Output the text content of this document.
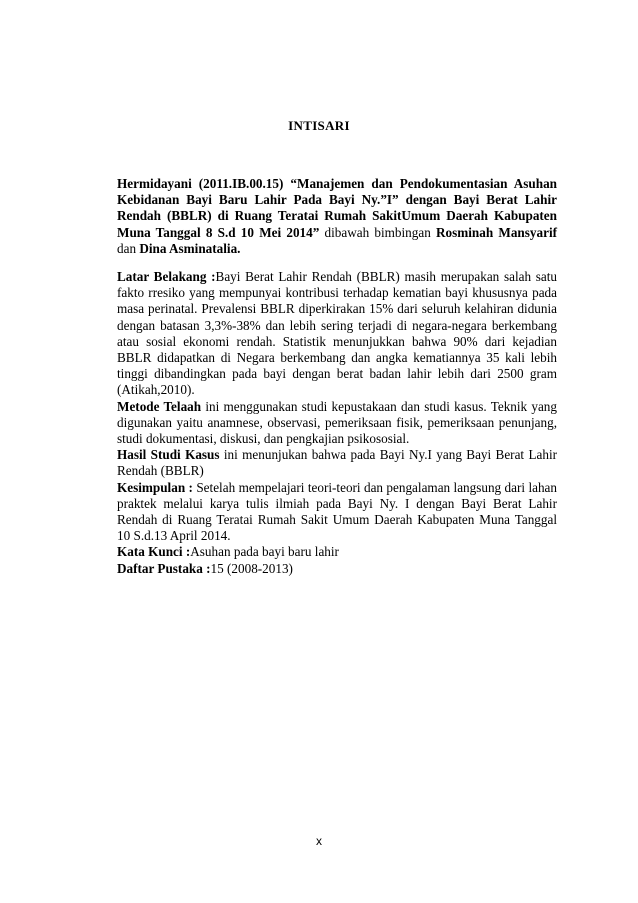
INTISARI

Hermidayani (2011.IB.00.15) “Manajemen dan Pendokumentasian Asuhan Kebidanan Bayi Baru Lahir Pada Bayi Ny.”I” dengan Bayi Berat Lahir Rendah (BBLR) di Ruang Teratai Rumah SakitUmum Daerah Kabupaten Muna Tanggal 8 S.d 10 Mei 2014” dibawah bimbingan Rosminah Mansyarif dan Dina Asminatalia.

Latar Belakang :Bayi Berat Lahir Rendah (BBLR) masih merupakan salah satu fakto rresiko yang mempunyai kontribusi terhadap kematian bayi khususnya pada masa perinatal. Prevalensi BBLR diperkirakan 15% dari seluruh kelahiran didunia dengan batasan 3,3%-38% dan lebih sering terjadi di negara-negara berkembang atau sosial ekonomi rendah. Statistik menunjukkan bahwa 90% dari kejadian BBLR didapatkan di Negara berkembang dan angka kematiannya 35 kali lebih tinggi dibandingkan pada bayi dengan berat badan lahir lebih dari 2500 gram (Atikah,2010).

Metode Telaah ini menggunakan studi kepustakaan dan studi kasus. Teknik yang digunakan yaitu anamnese, observasi, pemeriksaan fisik, pemeriksaan penunjang, studi dokumentasi, diskusi, dan pengkajian psikososial.

Hasil Studi Kasus ini menunjukan bahwa pada Bayi Ny.I yang Bayi Berat Lahir Rendah (BBLR)

Kesimpulan : Setelah mempelajari teori-teori dan pengalaman langsung dari lahan praktek melalui karya tulis ilmiah pada Bayi Ny. I dengan Bayi Berat Lahir Rendah di Ruang Teratai Rumah Sakit Umum Daerah Kabupaten Muna Tanggal 10 S.d.13 April 2014.

Kata Kunci :Asuhan pada bayi baru lahir

Daftar Pustaka :15 (2008-2013)

x
